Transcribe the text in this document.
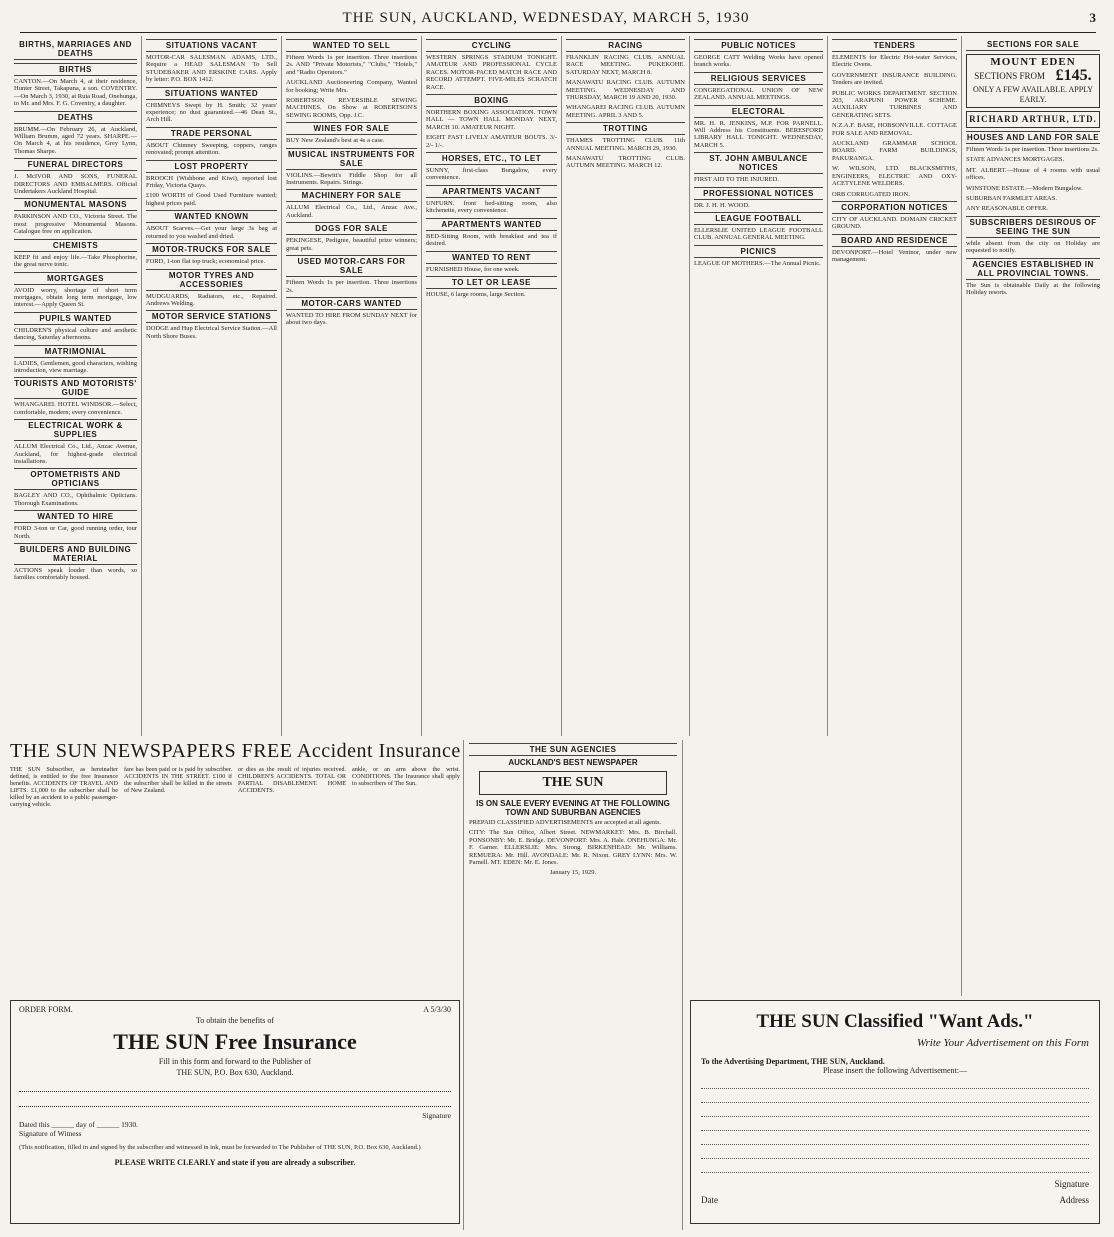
THE SUN, AUCKLAND, WEDNESDAY, MARCH 5, 1930	3
BIRTHS, MARRIAGES AND DEATHS
BIRTHS

CANTON.—On March 4, at their residence, Hunter Street, Takapuna, a son. COVENTRY.—On March 3, 1930, at Ruia Road, Onehunga, to Mr. and Mrs. F. G. Coventry, a daughter.

DEATHS

BRUMM.—On February 26, at Auckland, William Brumm, aged 72 years. SHARPE.—On March 4, at his residence, Grey Lynn, Thomas Sharpe.

FUNERAL DIRECTORS

J. McIVOR AND SONS, FUNERAL DIRECTORS AND EMBALMERS. Official Undertakers Auckland Hospital.

MONUMENTAL MASONS

PARKINSON AND CO., Victoria Street. The most progressive Monumental Masons. Catalogue free on application.

CHEMISTS

KEEP fit and enjoy life.—Take Phosphorine, the great nerve tonic.

MORTGAGES

AVOID worry, shortage of short term mortgages, obtain long term mortgage, low interest.—Apply Queen St.

PUPILS WANTED

CHILDREN'S physical culture and aesthetic dancing, Saturday afternoons.

MATRIMONIAL

LADIES, Gentlemen, good characters, wishing introduction, view marriage.

TOURISTS AND MOTORISTS' GUIDE

WHANGAREI. HOTEL WINDSOR.—Select, comfortable, modern; every convenience.

ELECTRICAL WORK & SUPPLIES

ALLUM Electrical Co., Ltd., Anzac Avenue, Auckland, for highest-grade electrical installations.

OPTOMETRISTS AND OPTICIANS

BAGLEY AND CO., Ophthalmic Opticians. Thorough Examinations.

WANTED TO HIRE

FORD 3-ton or Car, good running order, tour North.

BUILDERS AND BUILDING MATERIAL

ACTIONS speak louder than words, so families comfortably housed.

SITUATIONS VACANT

MOTOR-CAR SALESMAN. ADAMS, LTD., Require a HEAD SALESMAN To Sell STUDEBAKER AND ERSKINE CARS. Apply by letter: P.O. BOX 1412.

SITUATIONS WANTED

CHIMNEYS Swept by H. Smith; 32 years' experience; no dust guaranteed.—46 Dean St., Arch Hill.

TRADE PERSONAL

ABOUT Chimney Sweeping, coppers, ranges renovated; prompt attention.

LOST PROPERTY

BROOCH (Wishbone and Kiwi), reported lost Friday, Victoria Quays.

£100 WORTH of Good Used Furniture wanted; highest prices paid.

WANTED KNOWN

ABOUT Scarves.—Get your large 3s bag at returned to you washed and dried.

MOTOR-TRUCKS FOR SALE

FORD, 1-ton flat top truck; economical price.

MOTOR TYRES AND ACCESSORIES

MUDGUARDS, Radiators, etc., Repaired. Andrews Welding.

MOTOR SERVICE STATIONS

DODGE and Hup Electrical Service Station.—All North Shore Buses.

WANTED TO SELL

Fifteen Words 1s per insertion. Three insertions 2s. AND "Private Motorists," "Clubs," "Hotels," and "Radio Operators."

AUCKLAND Auctioneering Company, Wanted for booking; Write Mrs.

ROBERTSON REVERSIBLE SEWING MACHINES. On Show at ROBERTSON'S SEWING ROOMS, Opp. J.C.

WINES FOR SALE

BUY New Zealand's best at 4s a case.

MUSICAL INSTRUMENTS FOR SALE

VIOLINS.—Bewitt's Fiddle Shop for all Instruments. Repairs. Strings.

MACHINERY FOR SALE

ALLUM Electrical Co., Ltd., Anzac Ave., Auckland.

DOGS FOR SALE

PEKINGESE, Pedigree, beautiful prize winners; great pets.

USED MOTOR-CARS FOR SALE

Fifteen Words 1s per insertion. Three insertions 2s.

MOTOR-CARS WANTED

WANTED TO HIRE FROM SUNDAY NEXT for about two days.

CYCLING

WESTERN SPRINGS STADIUM TONIGHT. AMATEUR AND PROFESSIONAL CYCLE RACES. MOTOR-PACED MATCH RACE AND RECORD ATTEMPT. FIVE-MILES SCRATCH RACE.

BOXING

NORTHERN BOXING ASSOCIATION. TOWN HALL — TOWN HALL MONDAY NEXT, MARCH 10. AMATEUR NIGHT.

EIGHT FAST LIVELY AMATEUR BOUTS. 3/- 2/- 1/-.

HORSES, ETC., TO LET

SUNNY, first-class Bungalow, every convenience.

APARTMENTS VACANT

UNFURN. front bed-sitting room, also kitchenette, every convenience.

APARTMENTS WANTED

BED-Sitting Room, with breakfast and tea if desired.

WANTED TO RENT

FURNISHED House, for one week.

TO LET OR LEASE

HOUSE, 6 large rooms, large Section.

RACING

FRANKLIN RACING CLUB. ANNUAL RACE MEETING. PUKEKOHE. SATURDAY NEXT, MARCH 8.

MANAWATU RACING CLUB. AUTUMN MEETING. WEDNESDAY AND THURSDAY, MARCH 19 AND 20, 1930.

WHANGAREI RACING CLUB. AUTUMN MEETING. APRIL 3 AND 5.

TROTTING

THAMES TROTTING CLUB. 11th ANNUAL MEETING. MARCH 29, 1930.

MANAWATU TROTTING CLUB. AUTUMN MEETING. MARCH 12.

PUBLIC NOTICES

GEORGE CATT Welding Works have opened branch works.

RELIGIOUS SERVICES

CONGREGATIONAL UNION OF NEW ZEALAND. ANNUAL MEETINGS.

ELECTORAL

MR. H. R. JENKINS, M.P. FOR PARNELL. Will Address his Constituents. BERESFORD LIBRARY HALL TONIGHT. WEDNESDAY, MARCH 5.

ST. JOHN AMBULANCE NOTICES

FIRST AID TO THE INJURED.

PROFESSIONAL NOTICES

DR. J. H. H. WOOD.

LEAGUE FOOTBALL

ELLERSLIE UNITED LEAGUE FOOTBALL CLUB. ANNUAL GENERAL MEETING.

PICNICS

LEAGUE OF MOTHERS.—The Annual Picnic.

TENDERS

ELEMENTS for Electric Hot-water Services, Electric Ovens.

GOVERNMENT INSURANCE BUILDING. Tenders are invited.

PUBLIC WORKS DEPARTMENT. SECTION 203, ARAPUNI POWER SCHEME. AUXILIARY TURBINES AND GENERATING SETS.

N.Z.A.F. BASE, HOBSONVILLE. COTTAGE FOR SALE AND REMOVAL.

AUCKLAND GRAMMAR SCHOOL BOARD. FARM BUILDINGS, PAKURANGA.

W. WILSON, LTD. BLACKSMITHS, ENGINEERS, ELECTRIC AND OXY-ACETYLENE WELDERS.

ORB CORRUGATED IRON.

CORPORATION NOTICES

CITY OF AUCKLAND. DOMAIN CRICKET GROUND.

BOARD AND RESIDENCE

DEVONPORT.—Hotel Ventnor, under new management.

SECTIONS FOR SALE
MOUNT EDEN
SECTIONS FROM £145.
ONLY A FEW AVAILABLE. APPLY EARLY.
RICHARD ARTHUR, LTD.
HOUSES AND LAND FOR SALE

Fifteen Words 1s per insertion. Three insertions 2s.

STATE ADVANCES MORTGAGES.

MT. ALBERT.—House of 4 rooms with usual offices.

WINSTONE ESTATE.—Modern Bungalow.

SUBURBAN FARMLET AREAS.

ANY REASONABLE OFFER.

SUBSCRIBERS DESIROUS OF SEEING THE SUN

while absent from the city on Holiday are requested to notify.

AGENCIES ESTABLISHED IN ALL PROVINCIAL TOWNS.

The Sun is obtainable Daily at the following Holiday resorts.

THE SUN NEWSPAPERS FREE Accident Insurance
THE SUN Subscriber, as hereinafter defined, is entitled to the free Insurance benefits. ACCIDENTS OF TRAVEL AND LIFTS. £1,000 to the subscriber shall be killed by an accident to a public passenger-carrying vehicle.
fare has been paid or is paid by subscriber. ACCIDENTS IN THE STREET. £100 if the subscriber shall be killed in the streets of New Zealand.
or dies as the result of injuries received. CHILDREN'S ACCIDENTS. TOTAL OR PARTIAL DISABLEMENT. HOME ACCIDENTS.
ankle, or an arm above the wrist. CONDITIONS. The Insurance shall apply to subscribers of The Sun.
ORDER FORM.	A 5/3/30
To obtain the benefits of
THE SUN Free Insurance
Fill in this form and forward to the Publisher of
THE SUN, P.O. Box 630, Auckland.
Signature
Dated this ______ day of ______ 1930.
Signature of Witness
(This notification, filled in and signed by the subscriber and witnessed in ink, must be forwarded to The Publisher of THE SUN, P.O. Box 630, Auckland.)
PLEASE WRITE CLEARLY and state if you are already a subscriber.
THE SUN AGENCIES
AUCKLAND'S BEST NEWSPAPER
THE SUN
IS ON SALE EVERY EVENING AT THE FOLLOWING TOWN AND SUBURBAN AGENCIES
PREPAID CLASSIFIED ADVERTISEMENTS are accepted at all agents.
CITY: The Sun Office, Albert Street. NEWMARKET: Mrs. B. Birchall. PONSONBY: Mr. E. Bridge. DEVONPORT: Mrs. A. Hale. ONEHUNGA: Mr. F. Garner. ELLERSLIE: Mrs. Strong. BIRKENHEAD: Mr. Williams. REMUERA: Mr. Hill. AVONDALE: Mr. R. Nixon. GREY LYNN: Mrs. W. Parnell. MT. EDEN: Mr. E. Jones.
January 15, 1929.
THE SUN Classified "Want Ads."
Write Your Advertisement on this Form
To the Advertising Department, THE SUN, Auckland.
Please insert the following Advertisement:—
Signature
Date	Address
